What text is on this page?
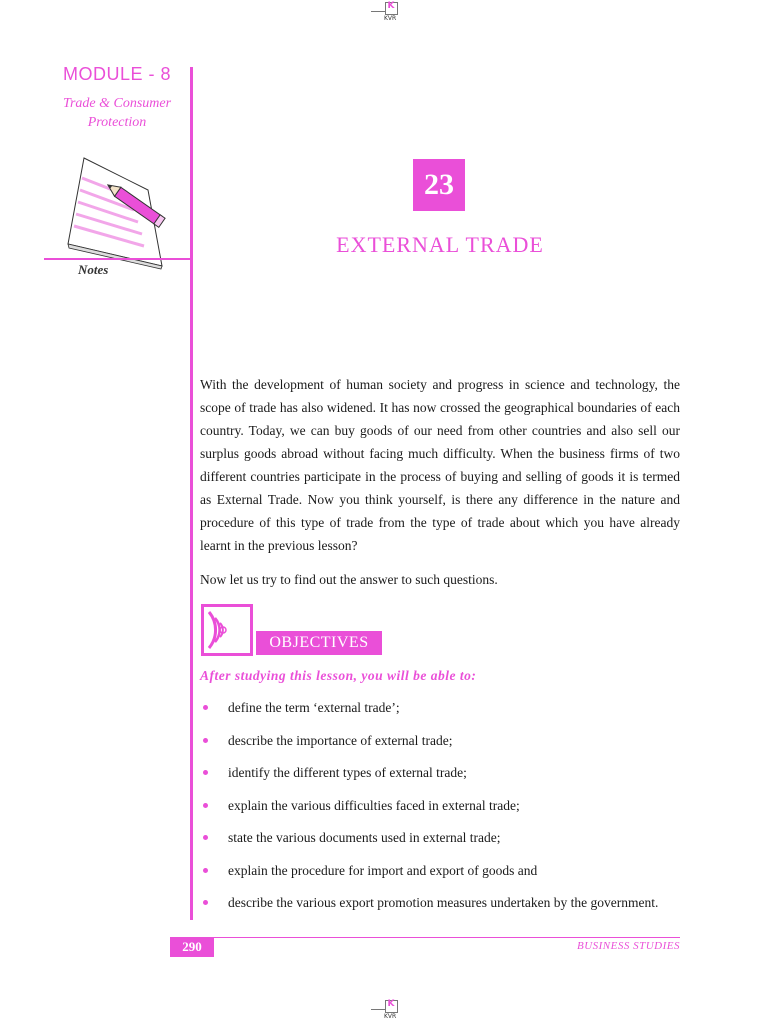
K
KVR
MODULE - 8
Trade & Consumer
Protection
Notes
23
EXTERNAL TRADE

With the development of human society and progress in science and technology, the scope of trade has also widened. It has now crossed the geographical boundaries of each country. Today, we can buy goods of our need from other countries and also sell our surplus goods abroad without facing much difficulty. When the business firms of two different countries participate in the process of buying and selling of goods it is termed as External Trade. Now you think yourself, is there any difference in the nature and procedure of this type of trade from the type of trade about which you have already learnt in the previous lesson?

Now let us try to find out the answer to such questions.

OBJECTIVES
After studying this lesson, you will be able to:
define the term ‘external trade’;
describe the importance of external trade;
identify the different types of external trade;
explain the various difficulties faced in external trade;
state the various documents used in external trade;
explain the procedure for import and export of goods and
describe the various export promotion measures undertaken by the government.
290	BUSINESS STUDIES
K
KVR
